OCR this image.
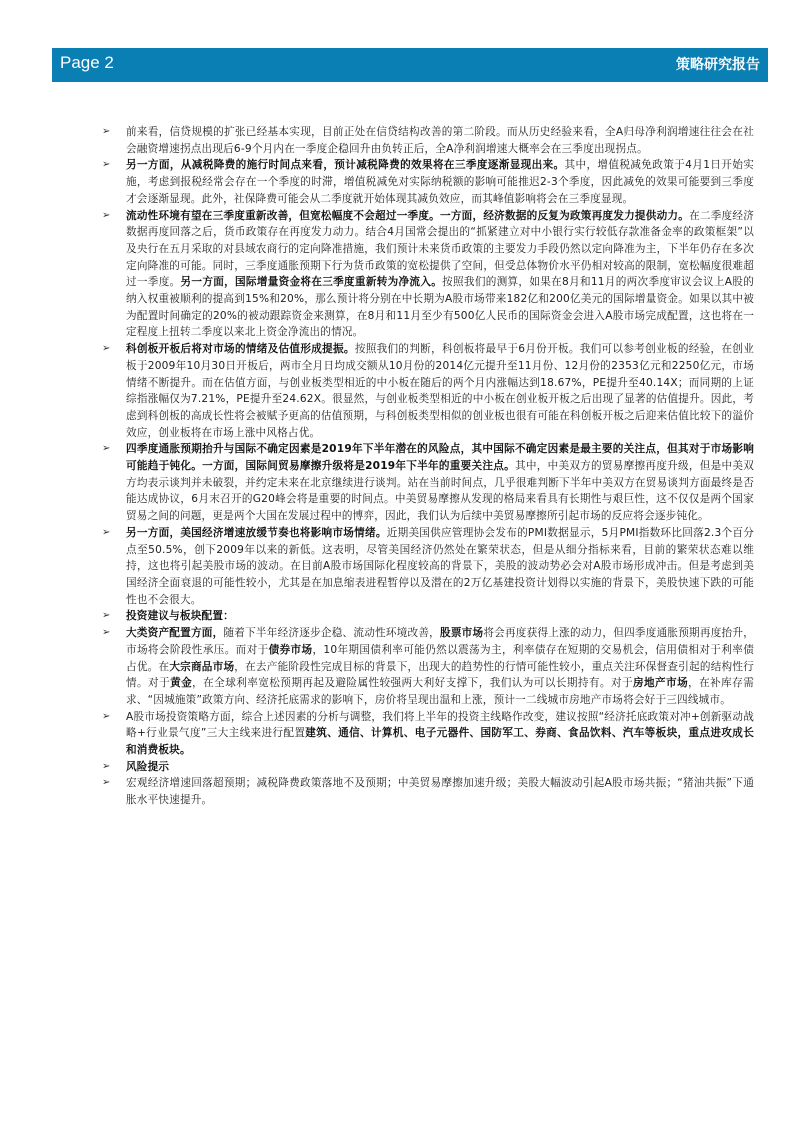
Page 2	策略研究报告
➢ 前来看，信贷规模的扩张已经基本实现，目前正处在信贷结构改善的第二阶段。而从历史经验来看，全A归母净利润增速往往会在社会融资增速拐点出现后6-9个月内在一季度企稳回升由负转正后，全A净利润增速大概率会在三季度出现拐点。
➢ 另一方面，从减税降费的施行时间点来看，预计减税降费的效果将在三季度逐渐显现出来。其中，增值税减免政策于4月1日开始实施，考虑到报税经常会存在一个季度的时滞，增值税减免对实际纳税额的影响可能推迟2-3个季度，因此减免的效果可能要到三季度才会逐渐显现。此外，社保降费可能会从二季度就开始体现其减负效应，而其峰值影响将会在三季度显现。
➢ 流动性环境有望在三季度重新改善，但宽松幅度不会超过一季度。一方面，经济数据的反复为政策再度发力提供动力。在二季度经济数据再度回落之后，货币政策存在再度发力动力。结合4月国常会提出的“抓紧建立对中小银行实行较低存款准备金率的政策框架”以及央行在五月采取的对县域农商行的定向降准措施，我们预计未来货币政策的主要发力手段仍然以定向降准为主，下半年仍存在多次定向降准的可能。同时，三季度通胀预期下行为货币政策的宽松提供了空间，但受总体物价水平仍相对较高的限制，宽松幅度很难超过一季度。另一方面，国际增量资金将在三季度重新转为净流入。按照我们的测算，如果在8月和11月的两次季度审议会议上A股的纳入权重被顺利的提高到15%和20%，那么预计将分别在中长期为A股市场带来182亿和200亿美元的国际增量资金。如果以其中被为配置时间确定的20%的被动跟踪资金来测算，在8月和11月至少有500亿人民币的国际资金会进入A股市场完成配置，这也将在一定程度上扭转二季度以来北上资金净流出的情况。
➢ 科创板开板后将对市场的情绪及估值形成提振。按照我们的判断，科创板将最早于6月份开板。我们可以参考创业板的经验，在创业板于2009年10月30日开板后，两市全月日均成交额从10月份的2014亿元提升至11月份、12月份的2353亿元和2250亿元，市场情绪不断提升。而在估值方面，与创业板类型相近的中小板在随后的两个月内涨幅达到18.67%，PE提升至40.14X；而同期的上证综指涨幅仅为7.21%，PE提升至24.62X。很显然，与创业板类型相近的中小板在创业板开板之后出现了显著的估值提升。因此，考虑到科创板的高成长性将会被赋予更高的估值预期，与科创板类型相似的创业板也很有可能在科创板开板之后迎来估值比较下的溢价效应，创业板将在市场上涨中风格占优。
➢ 四季度通胀预期抬升与国际不确定因素是2019年下半年潜在的风险点，其中国际不确定因素是最主要的关注点，但其对于市场影响可能趋于钝化。一方面，国际间贸易摩擦升级将是2019年下半年的重要关注点。其中，中美双方的贸易摩擦再度升级，但是中美双方均表示谈判并未破裂，并约定未来在北京继续进行谈判。站在当前时间点，几乎很难判断下半年中美双方在贸易谈判方面最终是否能达成协议，6月末召开的G20峰会将是重要的时间点。中美贸易摩擦从发现的格局来看具有长期性与艰巨性，这不仅仅是两个国家贸易之间的问题，更是两个大国在发展过程中的博弈，因此，我们认为后续中美贸易摩擦所引起市场的反应将会逐步钝化。
➢ 另一方面，美国经济增速放缓节奏也将影响市场情绪。近期美国供应管理协会发布的PMI数据显示，5月PMI指数环比回落2.3个百分点至50.5%，创下2009年以来的新低。这表明，尽管美国经济仍然处在繁荣状态，但是从细分指标来看，目前的繁荣状态难以维持，这也将引起美股市场的波动。在目前A股市场国际化程度较高的背景下，美股的波动势必会对A股市场形成冲击。但是考虑到美国经济全面衰退的可能性较小，尤其是在加息缩表进程暂停以及潜在的2万亿基建投资计划得以实施的背景下，美股快速下跌的可能性也不会很大。
➢ 投资建议与板块配置：
➢ 大类资产配置方面，随着下半年经济逐步企稳、流动性环境改善，股票市场将会再度获得上涨的动力，但四季度通胀预期再度抬升，市场将会阶段性承压。而对于债券市场，10年期国债利率可能仍然以震荡为主，利率债存在短期的交易机会，信用债相对于利率债占优。在大宗商品市场，在去产能阶段性完成目标的背景下，出现大的趋势性的行情可能性较小，重点关注环保督查引起的结构性行情。对于黄金，在全球利率宽松预期再起及避险属性较强两大利好支撑下，我们认为可以长期持有。对于房地产市场，在补库存需求、“因城施策”政策方向、经济托底需求的影响下，房价将呈现出温和上涨，预计一二线城市房地产市场将会好于三四线城市。
➢ A股市场投资策略方面，综合上述因素的分析与调整，我们将上半年的投资主线略作改变，建议按照“经济托底政策对冲+创新驱动战略+行业景气度”三大主线来进行配置建筑、通信、计算机、电子元器件、国防军工、券商、食品饮料、汽车等板块，重点进攻成长和消费板块。
➢ 风险提示
➢ 宏观经济增速回落超预期；减税降费政策落地不及预期；中美贸易摩擦加速升级；美股大幅波动引起A股市场共振；“猪油共振”下通胀水平快速提升。
